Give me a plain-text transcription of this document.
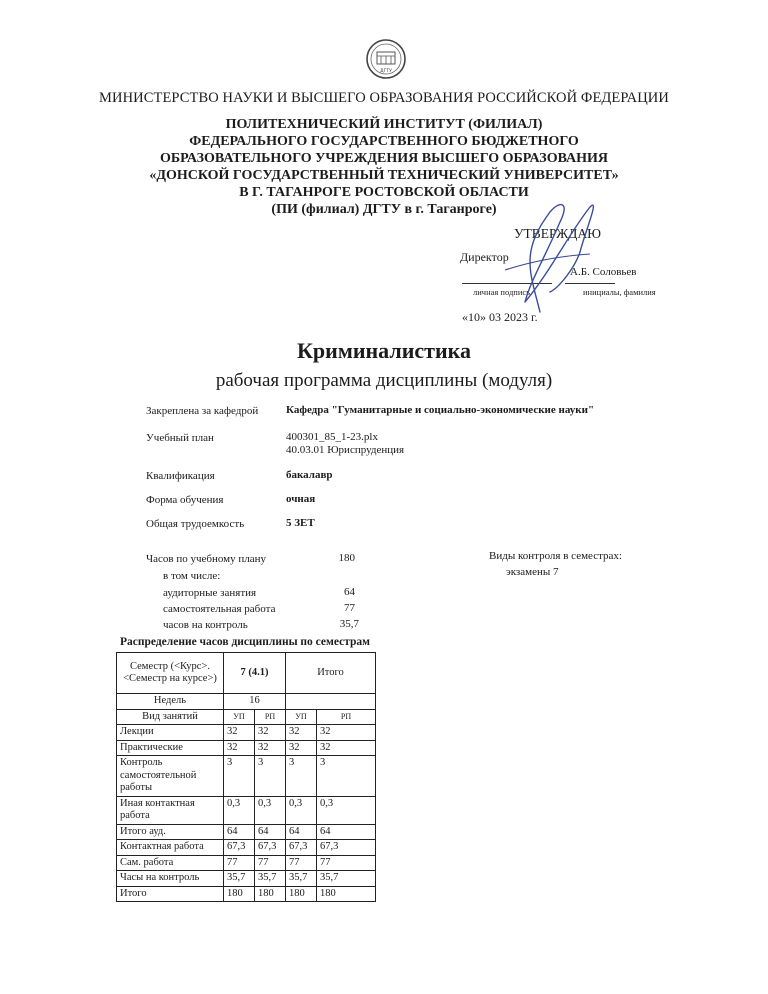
ДГТУ
МИНИСТЕРСТВО НАУКИ И ВЫСШЕГО ОБРАЗОВАНИЯ РОССИЙСКОЙ ФЕДЕРАЦИИ
ПОЛИТЕХНИЧЕСКИЙ ИНСТИТУТ (ФИЛИАЛ)
ФЕДЕРАЛЬНОГО ГОСУДАРСТВЕННОГО БЮДЖЕТНОГО
ОБРАЗОВАТЕЛЬНОГО УЧРЕЖДЕНИЯ ВЫСШЕГО ОБРАЗОВАНИЯ
«ДОНСКОЙ ГОСУДАРСТВЕННЫЙ ТЕХНИЧЕСКИЙ УНИВЕРСИТЕТ»
В Г. ТАГАНРОГЕ РОСТОВСКОЙ ОБЛАСТИ
(ПИ (филиал) ДГТУ в г. Таганроге)
УТВЕРЖДАЮ
Директор
А.Б. Соловьев
личная подпись	инициалы, фамилия
«10» 03 2023 г.
Криминалистика
рабочая программа дисциплины (модуля)
Закреплена за кафедрой	Кафедра "Гуманитарные и социально-экономические науки"
Учебный план	400301_85_1-23.plx
40.03.01 Юриспруденция
Квалификация	бакалавр
Форма обучения	очная
Общая трудоемкость	5 ЗЕТ
Часов по учебному плану	180
в том числе:
аудиторные занятия	64
самостоятельная работа	77
часов на контроль	35,7
Виды контроля в семестрах:
экзамены 7
Распределение часов дисциплины по семестрам
Семестр (<Курс>.<Семестр на курсе>)	7 (4.1)		Итого	
Недель	16			
Вид занятий	УП	РП	УП	РП
Лекции	32	32	32	32
Практические	32	32	32	32
Контроль самостоятельной работы	3	3	3	3
Иная контактная работа	0,3	0,3	0,3	0,3
Итого ауд.	64	64	64	64
Контактная работа	67,3	67,3	67,3	67,3
Сам. работа	77	77	77	77
Часы на контроль	35,7	35,7	35,7	35,7
Итого	180	180	180	180
